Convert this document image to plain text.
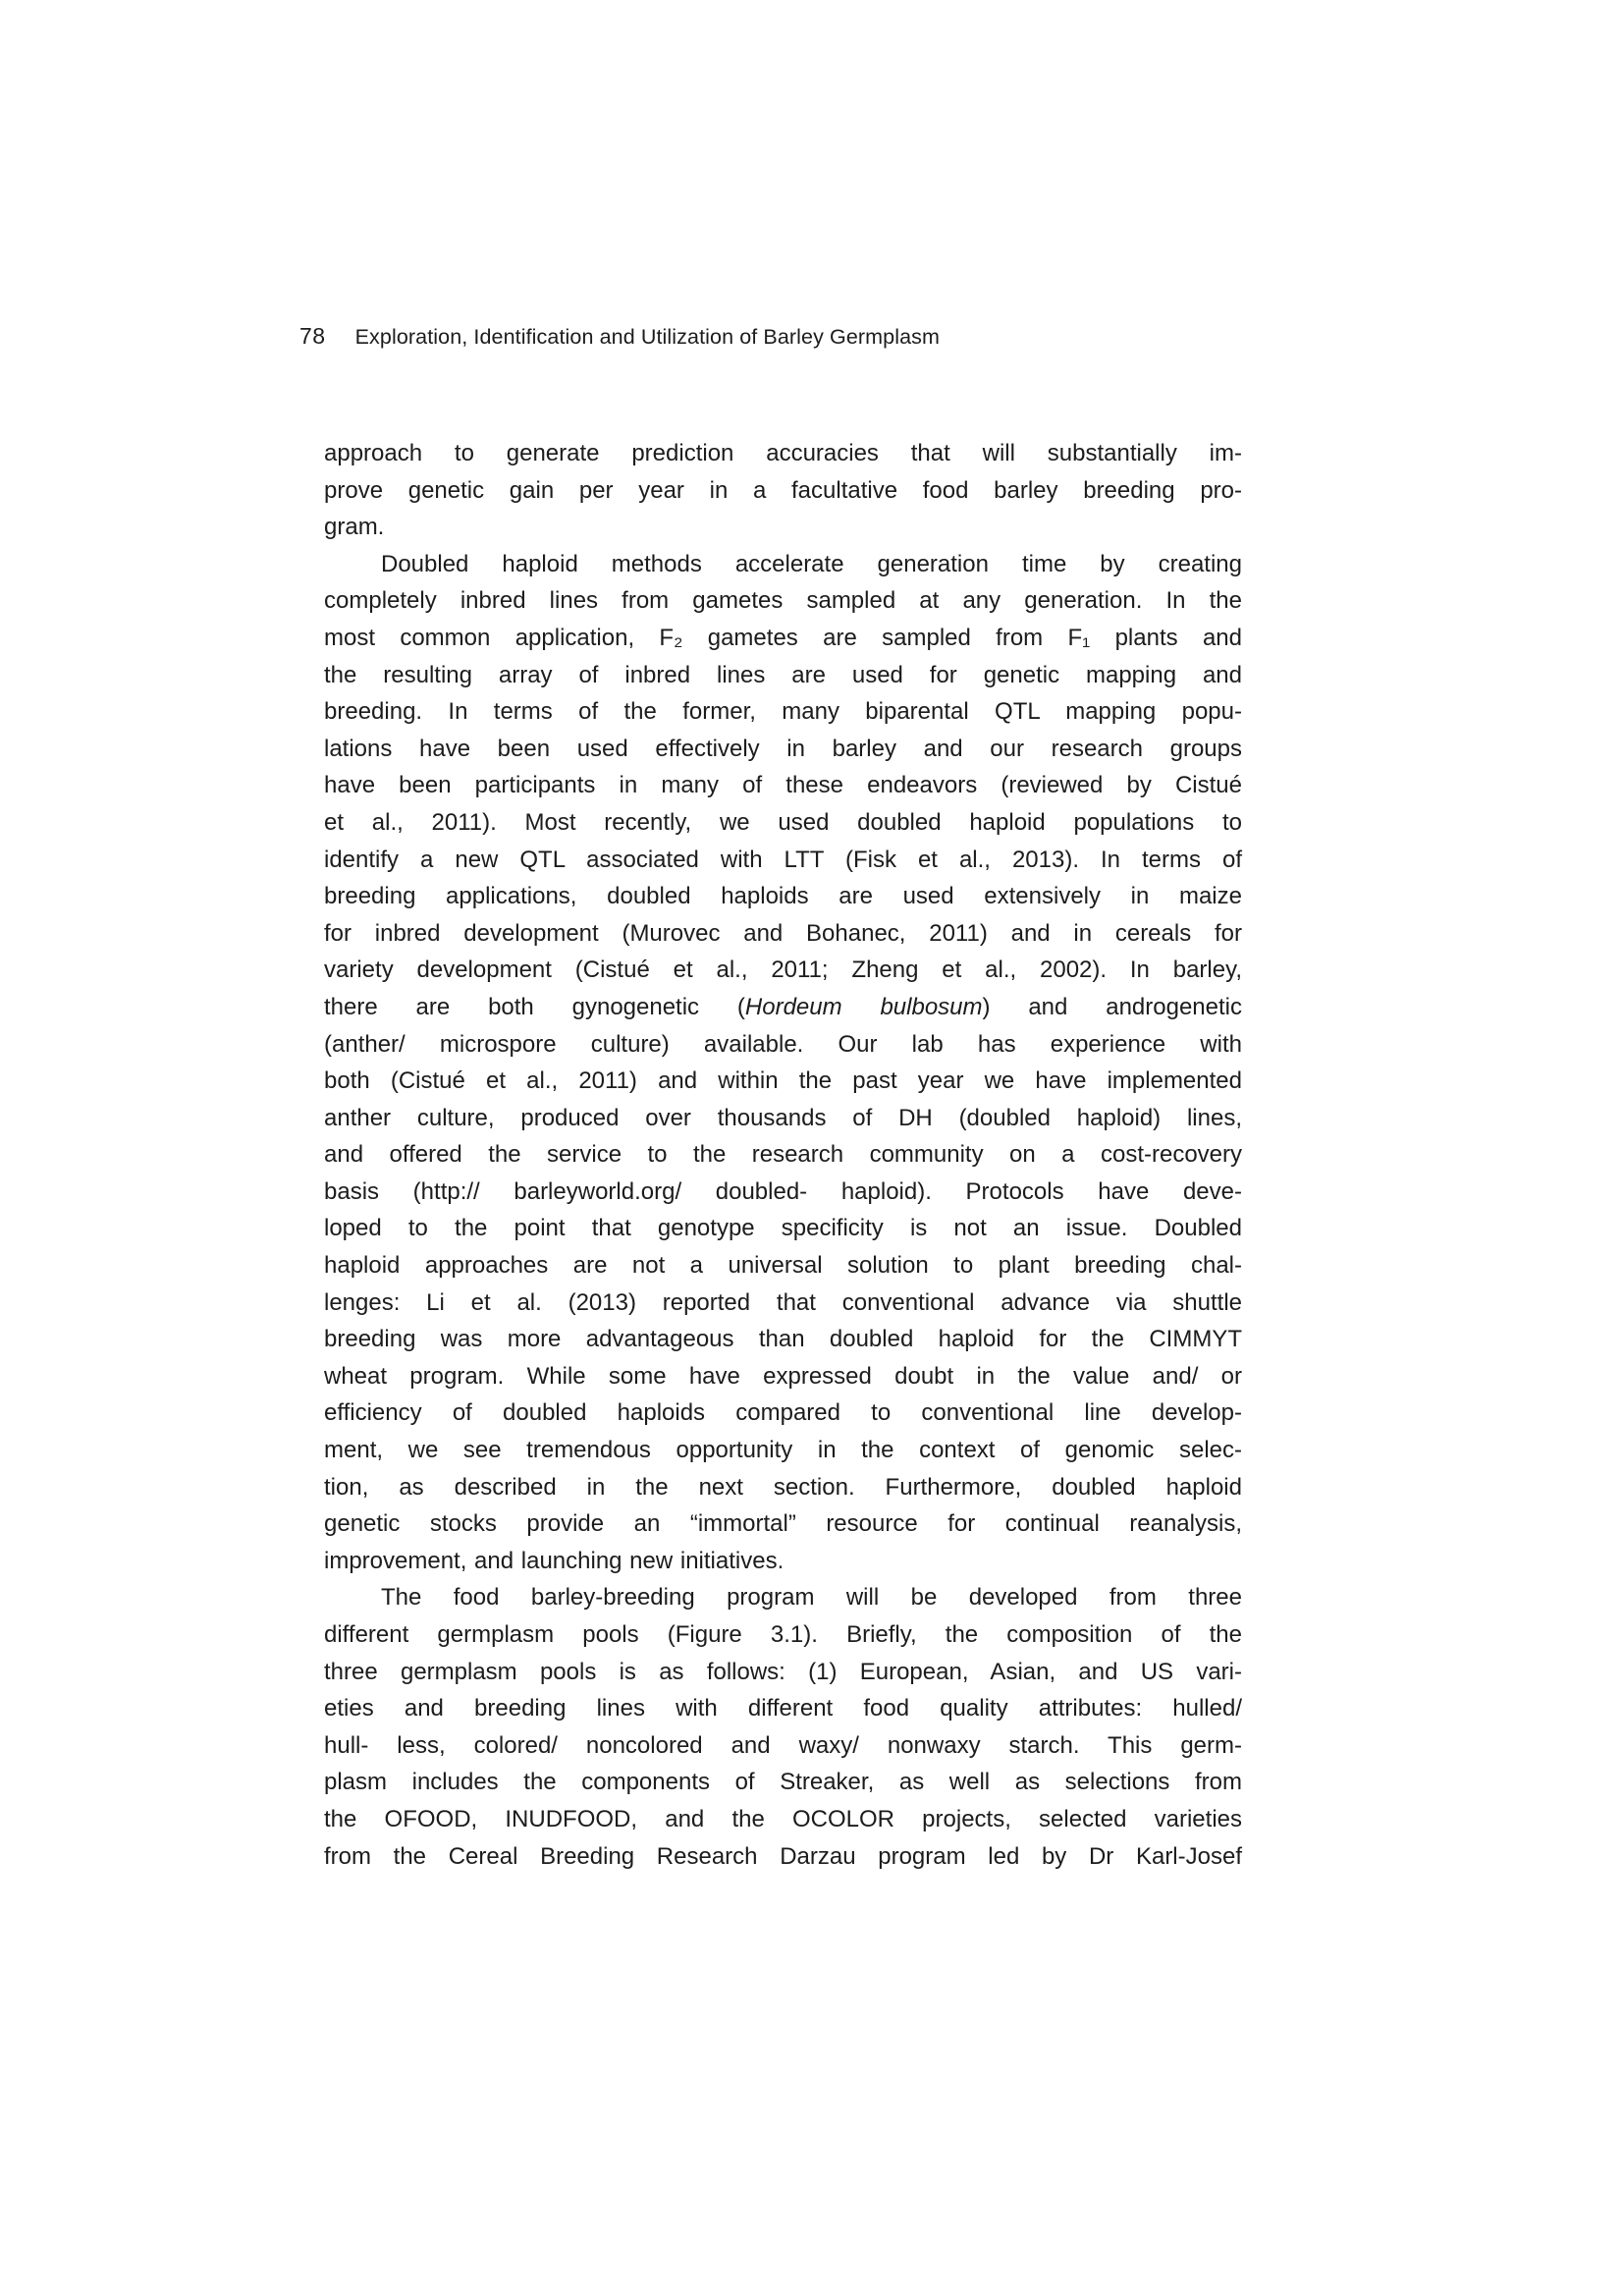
78 Exploration, Identification and Utilization of Barley Germplasm
approach to generate prediction accuracies that will substantially im-
prove genetic gain per year in a facultative food barley breeding pro-
gram.
Doubled haploid methods accelerate generation time by creating
completely inbred lines from gametes sampled at any generation. In the
most common application, F₂ gametes are sampled from F₁ plants and
the resulting array of inbred lines are used for genetic mapping and
breeding. In terms of the former, many biparental QTL mapping popu-
lations have been used effectively in barley and our research groups
have been participants in many of these endeavors (reviewed by Cistué
et al., 2011). Most recently, we used doubled haploid populations to
identify a new QTL associated with LTT (Fisk et al., 2013). In terms of
breeding applications, doubled haploids are used extensively in maize
for inbred development (Murovec and Bohanec, 2011) and in cereals for
variety development (Cistué et al., 2011; Zheng et al., 2002). In barley,
there are both gynogenetic (Hordeum bulbosum) and androgenetic
(anther/ microspore culture) available. Our lab has experience with
both (Cistué et al., 2011) and within the past year we have implemented
anther culture, produced over thousands of DH (doubled haploid) lines,
and offered the service to the research community on a cost-recovery
basis (http:// barleyworld.org/ doubled- haploid). Protocols have deve-
loped to the point that genotype specificity is not an issue. Doubled
haploid approaches are not a universal solution to plant breeding chal-
lenges: Li et al. (2013) reported that conventional advance via shuttle
breeding was more advantageous than doubled haploid for the CIMMYT
wheat program. While some have expressed doubt in the value and/ or
efficiency of doubled haploids compared to conventional line develop-
ment, we see tremendous opportunity in the context of genomic selec-
tion, as described in the next section. Furthermore, doubled haploid
genetic stocks provide an “immortal” resource for continual reanalysis,
improvement, and launching new initiatives.
The food barley-breeding program will be developed from three
different germplasm pools (Figure 3.1). Briefly, the composition of the
three germplasm pools is as follows: (1) European, Asian, and US vari-
eties and breeding lines with different food quality attributes: hulled/
hull- less, colored/ noncolored and waxy/ nonwaxy starch. This germ-
plasm includes the components of Streaker, as well as selections from
the OFOOD, INUDFOOD, and the OCOLOR projects, selected varieties
from the Cereal Breeding Research Darzau program led by Dr Karl-Josef
